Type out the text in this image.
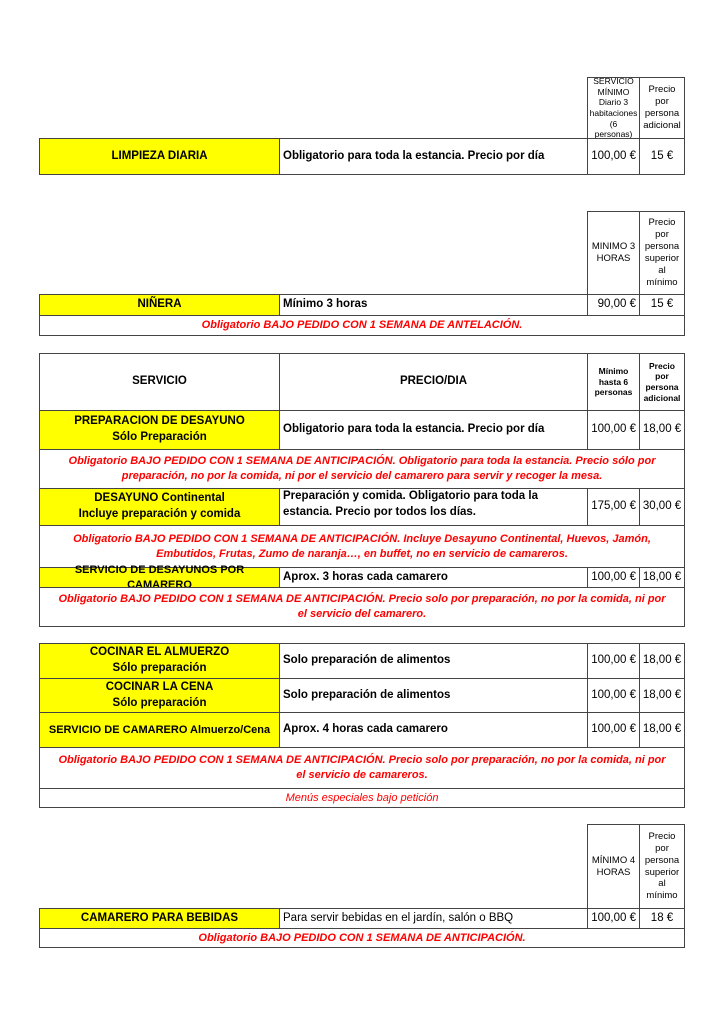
SERVICIO
MÍNIMO
Diario 3
habitaciones
(6 personas)
Precio
por
persona
adicional
LIMPIEZA DIARIA	Obligatorio para toda la estancia. Precio por día	100,00 €	15 €
MINIMO 3
HORAS
Precio
por
persona
superior
al
mínimo
NIÑERA	Mínimo 3 horas	90,00 €	15 €
Obligatorio BAJO PEDIDO CON 1 SEMANA DE ANTELACIÓN.
SERVICIO	PRECIO/DIA
Mínimo
hasta 6
personas
Precio por
persona
adicional
PREPARACION DE DESAYUNO
Sólo Preparación
Obligatorio para toda la estancia. Precio por día	100,00 € 18,00 €
Obligatorio BAJO PEDIDO CON 1 SEMANA DE ANTICIPACIÓN. Obligatorio para toda la estancia. Precio sólo por
preparación, no por la comida, ni por el servicio del camarero para servir y recoger la mesa.
DESAYUNO Continental
Incluye preparación y comida
Preparación y comida. Obligatorio para toda la
estancia. Precio por todos los días.	175,00 € 30,00 €
Obligatorio BAJO PEDIDO CON 1 SEMANA DE ANTICIPACIÓN. Incluye Desayuno Continental, Huevos, Jamón,
Embutidos, Frutas, Zumo de naranja…, en buffet, no en servicio de camareros.
SERVICIO DE DESAYUNOS POR CAMARERO
Aprox. 3 horas cada camarero	100,00 € 18,00 €
Obligatorio BAJO PEDIDO CON 1 SEMANA DE ANTICIPACIÓN. Precio solo por preparación, no por la comida, ni por
el servicio del camarero.
COCINAR EL ALMUERZO
Sólo preparación
Solo preparación de alimentos	100,00 € 18,00 €
COCINAR LA CENA
Sólo preparación
Solo preparación de alimentos	100,00 € 18,00 €
SERVICIO DE CAMARERO Almuerzo/Cena	Aprox. 4 horas cada camarero	100,00 € 18,00 €
Obligatorio BAJO PEDIDO CON 1 SEMANA DE ANTICIPACIÓN. Precio solo por preparación, no por la comida, ni por
el servicio de camareros.
Menús especiales bajo petición
MÍNIMO 4
HORAS
Precio
por
persona
superior
al
mínimo
CAMARERO PARA BEBIDAS	Para servir bebidas en el jardín, salón o BBQ	100,00 €	18 €
Obligatorio BAJO PEDIDO CON 1 SEMANA DE ANTICIPACIÓN.
